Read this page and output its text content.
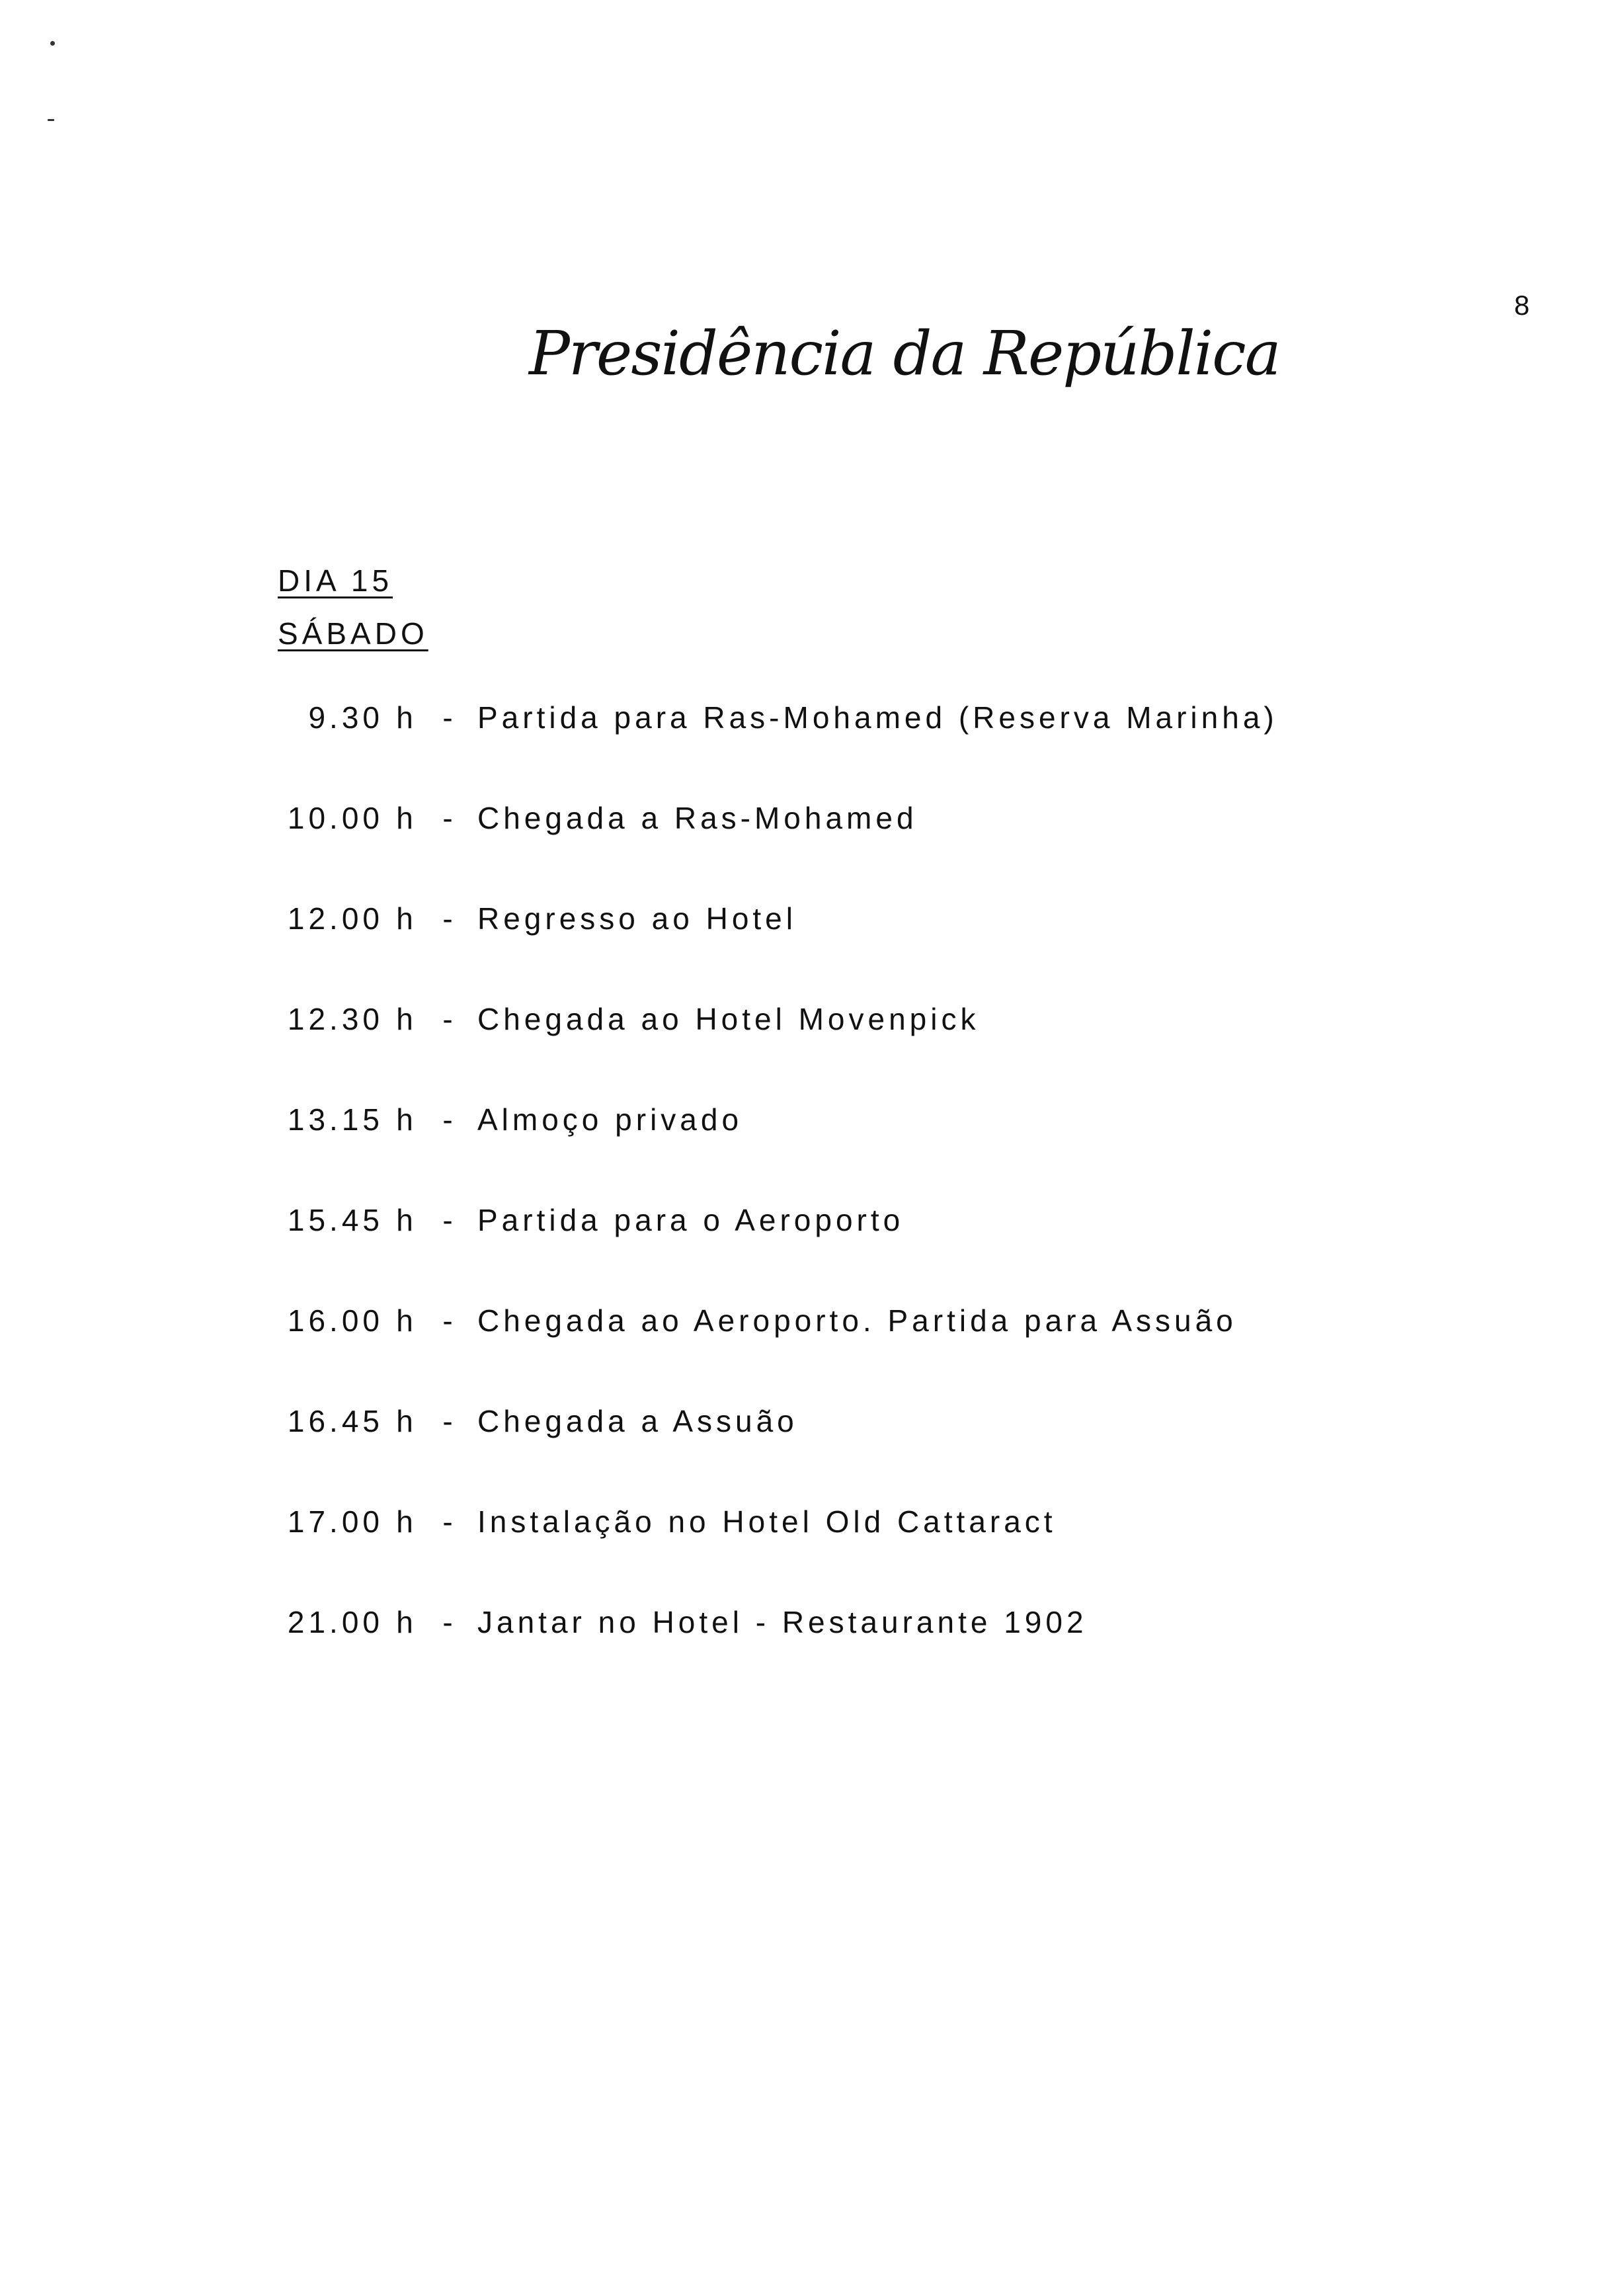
8
Presidência da República
DIA 15
SÁBADO
9.30 h - Partida para Ras-Mohamed (Reserva Marinha)
10.00 h - Chegada a Ras-Mohamed
12.00 h - Regresso ao Hotel
12.30 h - Chegada ao Hotel Movenpick
13.15 h - Almoço privado
15.45 h - Partida para o Aeroporto
16.00 h - Chegada ao Aeroporto. Partida para Assuão
16.45 h - Chegada a Assuão
17.00 h - Instalação no Hotel Old Cattaract
21.00 h - Jantar no Hotel - Restaurante 1902
